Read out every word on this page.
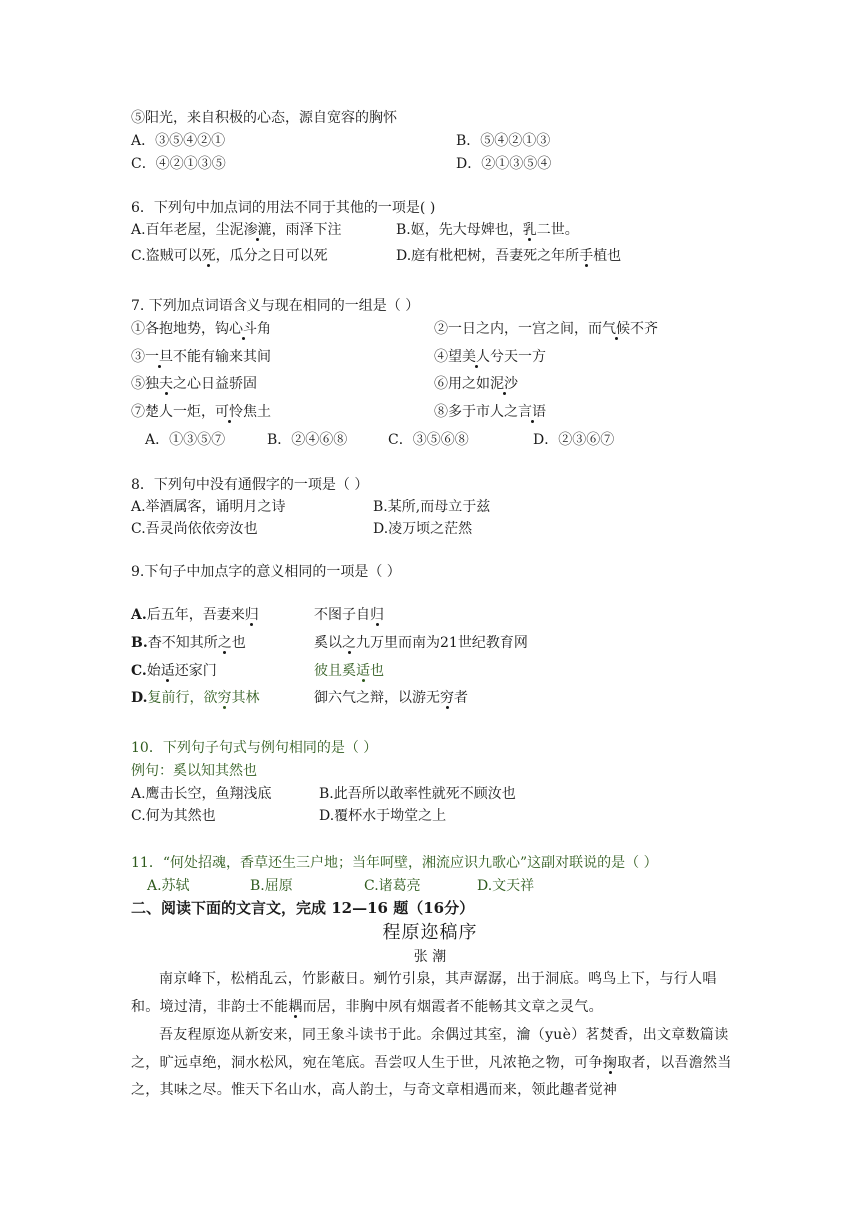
⑤阳光，来自积极的心态，源自宽容的胸怀
A．③⑤④②①	B．⑤④②①③
C．④②①③⑤	D．②①③⑤④
6．下列句中加点词的用法不同于其他的一项是( )
A.百年老屋，尘泥渗漉，雨泽下注	B.妪，先大母婢也，乳二世。
C.盗贼可以死，瓜分之日可以死	D.庭有枇杷树，吾妻死之年所手植也
7. 下列加点词语含义与现在相同的一组是（ ）
①各抱地势，钩心斗角	②一日之内，一宫之间，而气候不齐
③一旦不能有输来其间	④望美人兮天一方
⑤独夫之心日益骄固	⑥用之如泥沙
⑦楚人一炬，可怜焦土	⑧多于市人之言语
A．①③⑤⑦	B．②④⑥⑧	C．③⑤⑥⑧	D．②③⑥⑦
8．下列句中没有通假字的一项是（ ）
A.举酒属客，诵明月之诗	B.某所,而母立于兹
C.吾灵尚依依旁汝也	D.凌万顷之茫然
9.下句子中加点字的意义相同的一项是（ ）
A.后五年，吾妻来归	不图子自归
B.杳不知其所之也	奚以之九万里而南为21世纪教育网
C.始适还家门	彼且奚适也
D.复前行，欲穷其林	御六气之辩，以游无穷者
10．下列句子句式与例句相同的是（ ）
例句：奚以知其然也
A.鹰击长空，鱼翔浅底	B.此吾所以敢率性就死不顾汝也
C.何为其然也	D.覆杯水于坳堂之上
11．“何处招魂，香草还生三户地；当年呵壁，湘流应识九歌心”这副对联说的是（ ）
A.苏轼	B.屈原	C.诸葛亮	D.文天祥
二、阅读下面的文言文，完成 12—16 题（16分）
程原迩稿序
张 潮
南京峰下，松梢乱云，竹影蔽日。剜竹引泉，其声潺潺，出于洞底。鸣鸟上下，与行人唱和。境过清，非韵士不能耦而居，非胸中夙有烟霞者不能畅其文章之灵气。
吾友程原迩从新安来，同王象斗读书于此。余偶过其室，瀹（yuè）茗焚香，出文章数篇读之，旷远卓绝，洞水松风，宛在笔底。吾尝叹人生于世，凡浓艳之物，可争掬取者，以吾澹然当之，其味之尽。惟天下名山水，高人韵士，与奇文章相遇而来，领此趣者觉神
